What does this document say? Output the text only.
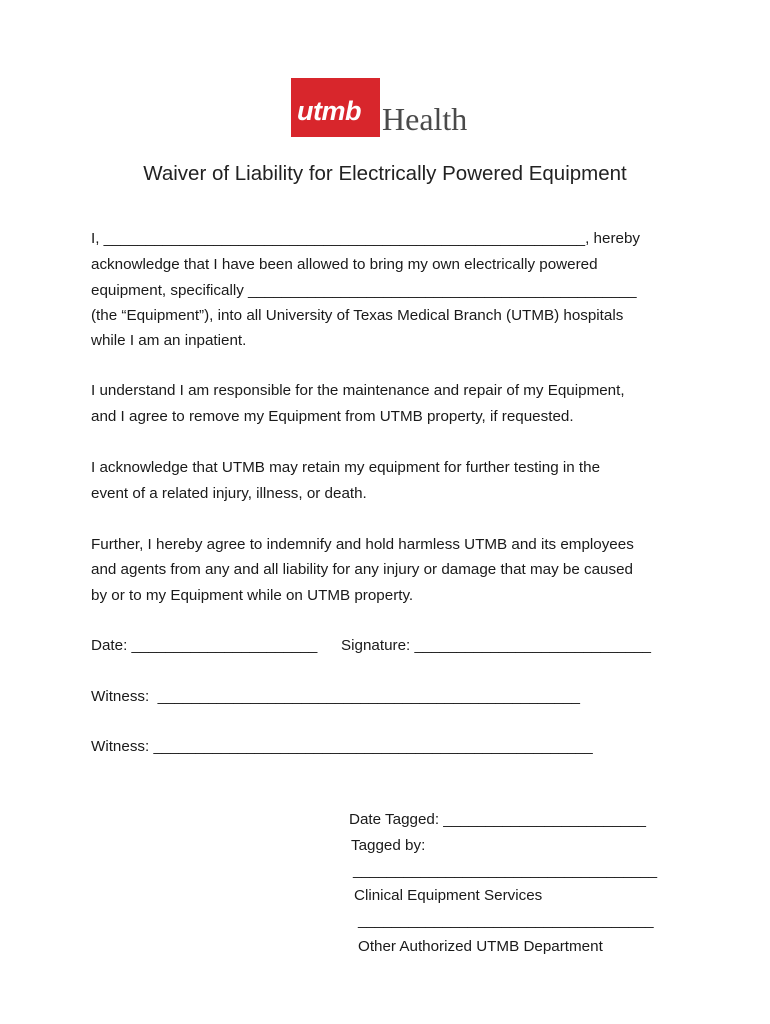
utmb Health
Waiver of Liability for Electrically Powered Equipment
I, _________________________________________________________, hereby
acknowledge that I have been allowed to bring my own electrically powered
equipment, specifically ______________________________________________
(the “Equipment”), into all University of Texas Medical Branch (UTMB) hospitals
while I am an inpatient.
I understand I am responsible for the maintenance and repair of my Equipment,
and I agree to remove my Equipment from UTMB property, if requested.
I acknowledge that UTMB may retain my equipment for further testing in the
event of a related injury, illness, or death.
Further, I hereby agree to indemnify and hold harmless UTMB and its employees
and agents from any and all liability for any injury or damage that may be caused
by or to my Equipment while on UTMB property.
Date: ______________________ Signature: ____________________________
Witness:  __________________________________________________
Witness: ____________________________________________________
Date Tagged: ________________________
Tagged by:
____________________________________
Clinical Equipment Services
___________________________________
Other Authorized UTMB Department
